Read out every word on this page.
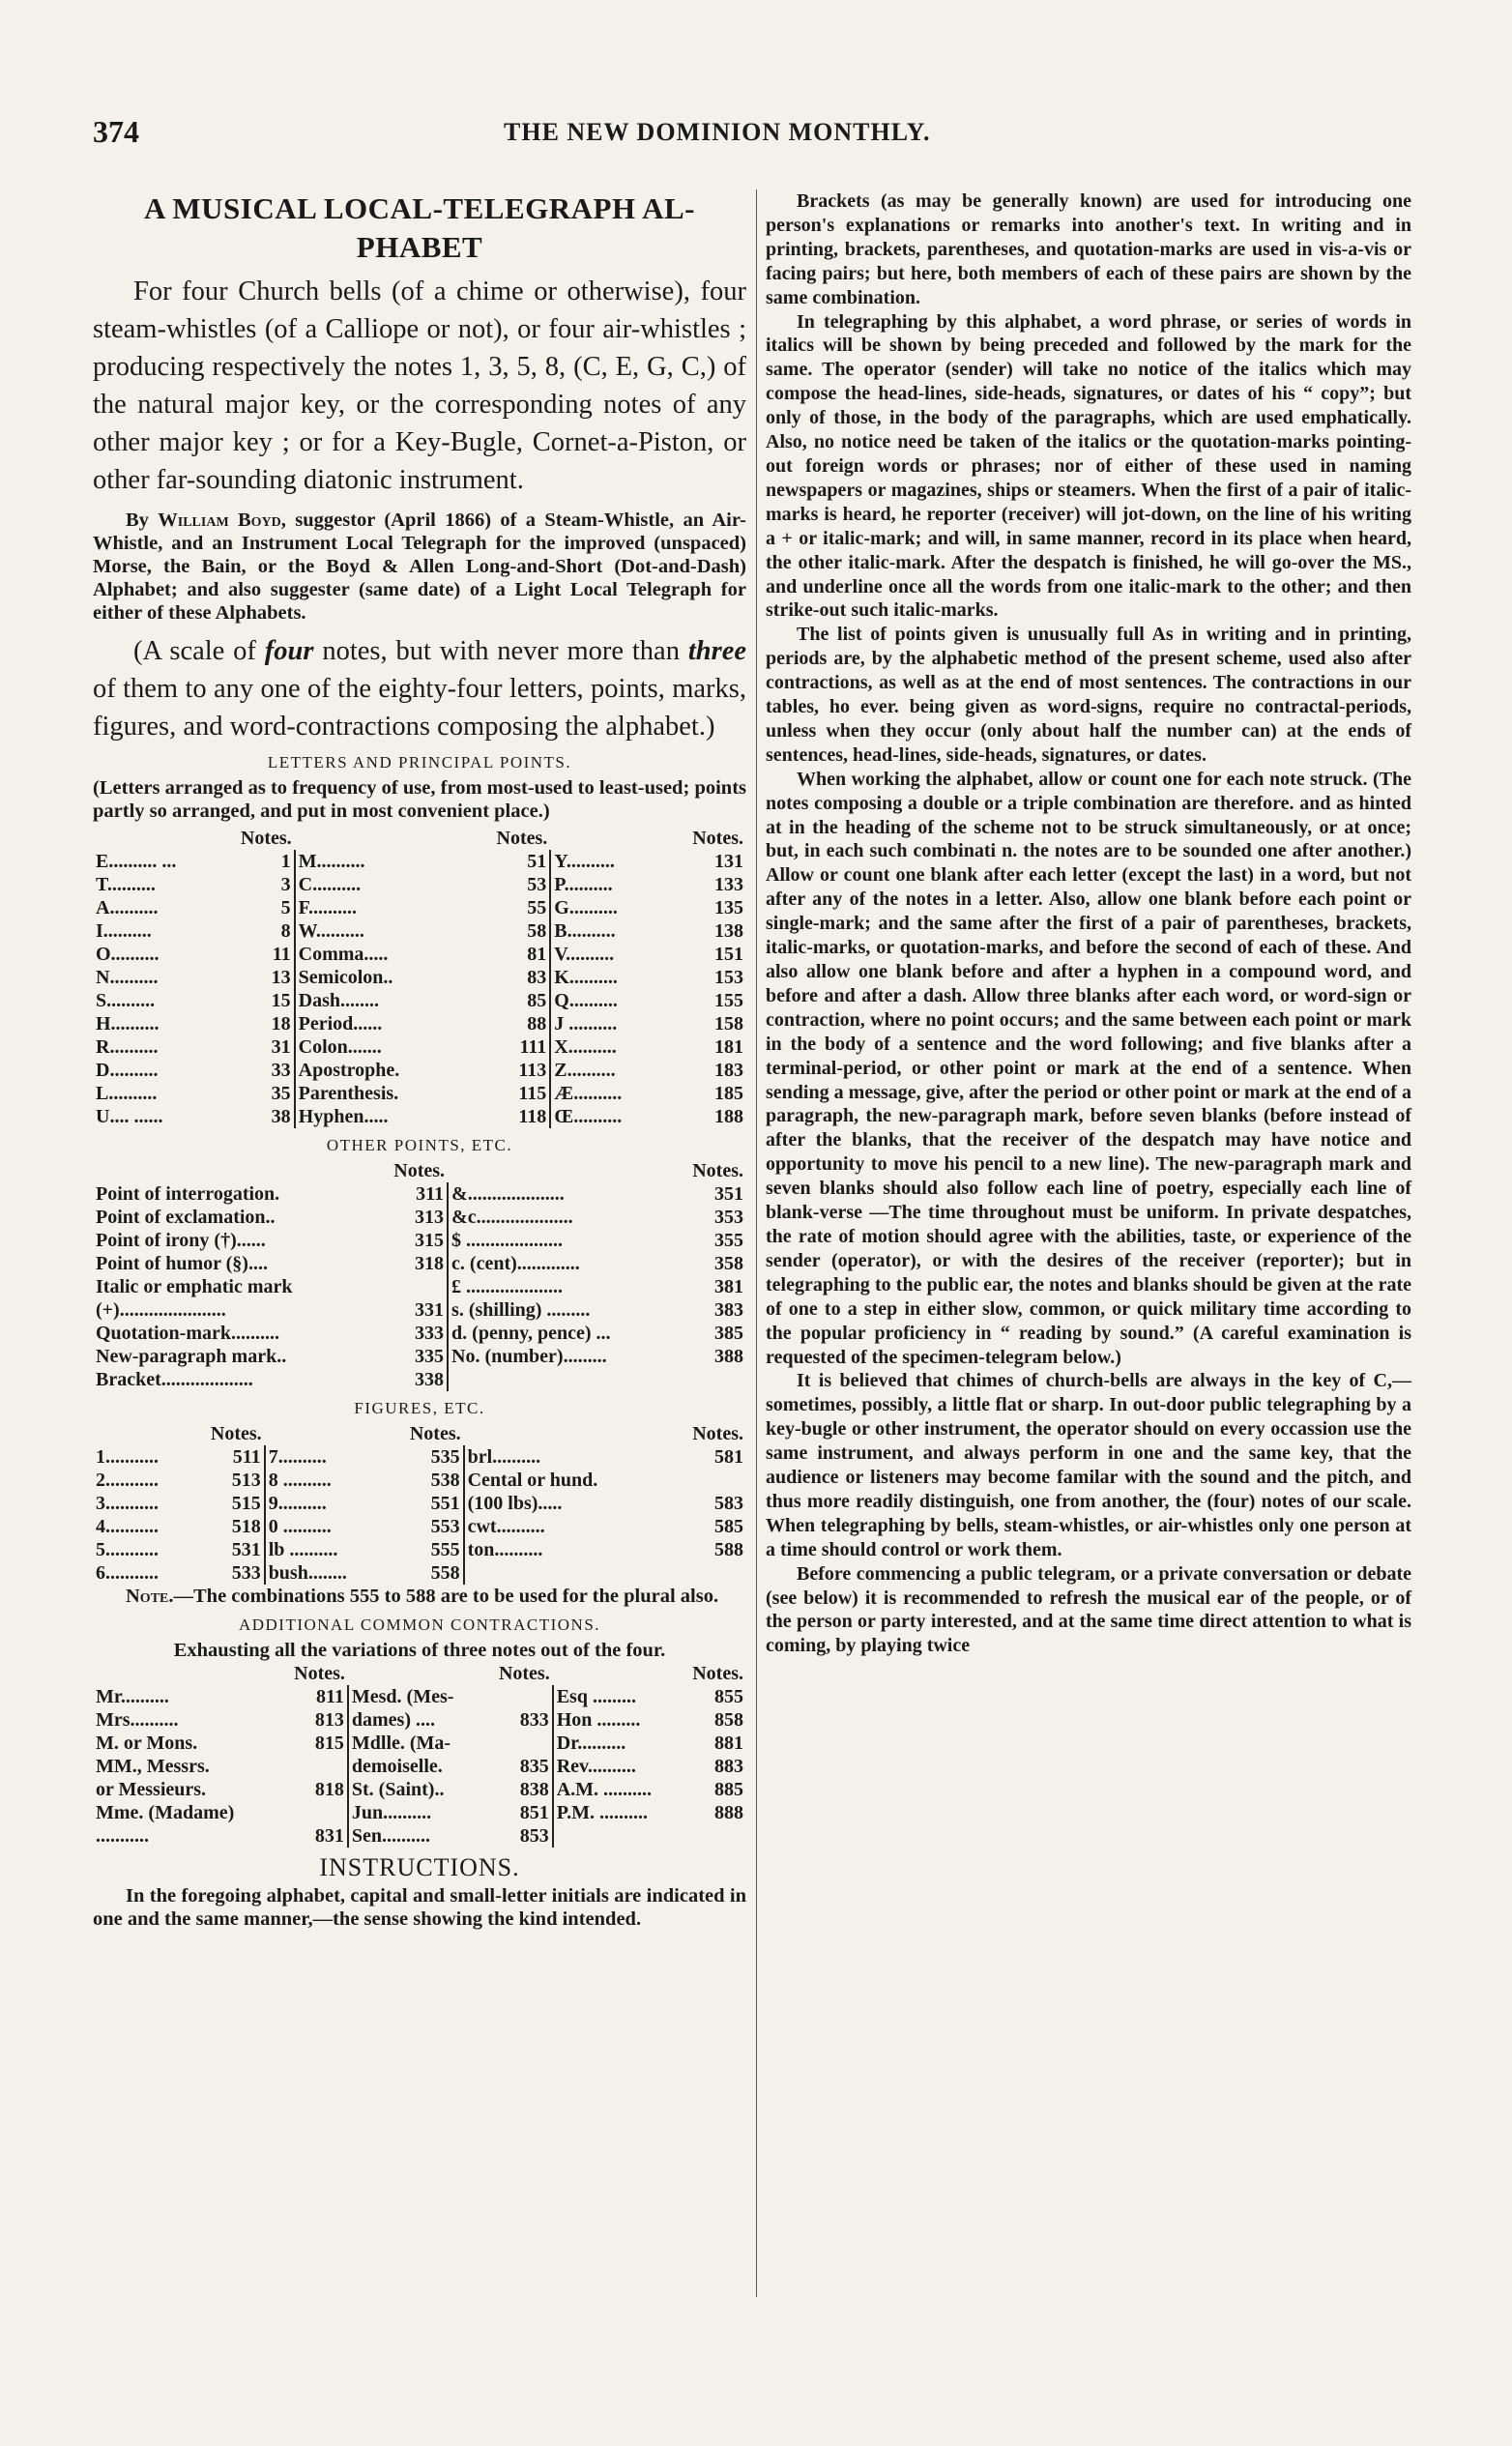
374	THE NEW DOMINION MONTHLY.
A MUSICAL LOCAL-TELEGRAPH AL-
PHABET

For four Church bells (of a chime or otherwise), four steam-whistles (of a Calliope or not), or four air-whistles ; producing respectively the notes 1, 3, 5, 8, (C, E, G, C,) of the natural major key, or the corresponding notes of any other major key ; or for a Key-Bugle, Cornet-a-Piston, or other far-sounding diatonic instrument.

By William Boyd, suggestor (April 1866) of a Steam-Whistle, an Air-Whistle, and an Instrument Local Telegraph for the improved (unspaced) Morse, the Bain, or the Boyd & Allen Long-and-Short (Dot-and-Dash) Alphabet; and also suggester (same date) of a Light Local Telegraph for either of these Alphabets.

(A scale of four notes, but with never more than three of them to any one of the eighty-four letters, points, marks, figures, and word-contractions composing the alphabet.)

LETTERS AND PRINCIPAL POINTS.

(Letters arranged as to frequency of use, from most-used to least-used; points partly so arranged, and put in most convenient place.)

Notes.		Notes.		Notes.	
E.......... ...	1	M..........	51	Y..........	131
T..........	3	C..........	53	P..........	133
A..........	5	F..........	55	G..........	135
I..........	8	W..........	58	B..........	138
O..........	11	Comma.....	81	V..........	151
N..........	13	Semicolon..	83	K..........	153
S..........	15	Dash........	85	Q..........	155
H..........	18	Period......	88	J ..........	158
R..........	31	Colon.......	111	X..........	181
D..........	33	Apostrophe.	113	Z..........	183
L..........	35	Parenthesis.	115	Æ..........	185
U.... ......	38	Hyphen.....	118	Œ..........	188
OTHER POINTS, ETC.
Notes.		Notes.	
Point of interrogation.	311	&....................	351
Point of exclamation..	313	&c....................	353
Point of irony (†)......	315	$ ....................	355
Point of humor (§)....	318	c. (cent).............	358
Italic or emphatic mark		£ ....................	381
(+)......................	331	s. (shilling) .........	383
Quotation-mark..........	333	d. (penny, pence) ...	385
New-paragraph mark..	335	No. (number).........	388
Bracket...................	338		
FIGURES, ETC.
Notes.		Notes.		Notes.	
1...........	511	7..........	535	brl..........	581
2...........	513	8 ..........	538	Cental or hund.	
3...........	515	9..........	551	(100 lbs).....	583
4...........	518	0 ..........	553	cwt..........	585
5...........	531	lb ..........	555	ton..........	588
6...........	533	bush........	558		

Note.—The combinations 555 to 588 are to be used for the plural also.

ADDITIONAL COMMON CONTRACTIONS.

Exhausting all the variations of three notes out of the four.

Notes.		Notes.		Notes.	
Mr..........	811	Mesd. (Mes-		Esq .........	855
Mrs..........	813	dames) ....	833	Hon .........	858
M. or Mons.	815	Mdlle. (Ma-		Dr..........	881
MM., Messrs.		demoiselle.	835	Rev..........	883
or Messieurs.	818	St. (Saint)..	838	A.M. ..........	885
Mme. (Madame)		Jun..........	851	P.M. ..........	888
...........	831	Sen..........	853		
INSTRUCTIONS.

In the foregoing alphabet, capital and small-letter initials are indicated in one and the same manner,—the sense showing the kind intended.

Brackets (as may be generally known) are used for introducing one person's explanations or remarks into another's text. In writing and in printing, brackets, parentheses, and quotation-marks are used in vis-a-vis or facing pairs; but here, both members of each of these pairs are shown by the same combination.

In telegraphing by this alphabet, a word phrase, or series of words in italics will be shown by being preceded and followed by the mark for the same. The operator (sender) will take no notice of the italics which may compose the head-lines, side-heads, signatures, or dates of his “ copy”; but only of those, in the body of the paragraphs, which are used emphatically. Also, no notice need be taken of the italics or the quotation-marks pointing-out foreign words or phrases; nor of either of these used in naming newspapers or magazines, ships or steamers. When the first of a pair of italic-marks is heard, he reporter (receiver) will jot-down, on the line of his writing a + or italic-mark; and will, in same manner, record in its place when heard, the other italic-mark. After the despatch is finished, he will go-over the MS., and underline once all the words from one italic-mark to the other; and then strike-out such italic-marks.

The list of points given is unusually full As in writing and in printing, periods are, by the alphabetic method of the present scheme, used also after contractions, as well as at the end of most sentences. The contractions in our tables, ho ever. being given as word-signs, require no contractal-periods, unless when they occur (only about half the number can) at the ends of sentences, head-lines, side-heads, signatures, or dates.

When working the alphabet, allow or count one for each note struck. (The notes composing a double or a triple combination are therefore. and as hinted at in the heading of the scheme not to be struck simultaneously, or at once; but, in each such combinati n. the notes are to be sounded one after another.) Allow or count one blank after each letter (except the last) in a word, but not after any of the notes in a letter. Also, allow one blank before each point or single-mark; and the same after the first of a pair of parentheses, brackets, italic-marks, or quotation-marks, and before the second of each of these. And also allow one blank before and after a hyphen in a compound word, and before and after a dash. Allow three blanks after each word, or word-sign or contraction, where no point occurs; and the same between each point or mark in the body of a sentence and the word following; and five blanks after a terminal-period, or other point or mark at the end of a sentence. When sending a message, give, after the period or other point or mark at the end of a paragraph, the new-paragraph mark, before seven blanks (before instead of after the blanks, that the receiver of the despatch may have notice and opportunity to move his pencil to a new line). The new-paragraph mark and seven blanks should also follow each line of poetry, especially each line of blank-verse —The time throughout must be uniform. In private despatches, the rate of motion should agree with the abilities, taste, or experience of the sender (operator), or with the desires of the receiver (reporter); but in telegraphing to the public ear, the notes and blanks should be given at the rate of one to a step in either slow, common, or quick military time according to the popular proficiency in “ reading by sound.” (A careful examination is requested of the specimen-telegram below.)

It is believed that chimes of church-bells are always in the key of C,—sometimes, possibly, a little flat or sharp. In out-door public telegraphing by a key-bugle or other instrument, the operator should on every occassion use the same instrument, and always perform in one and the same key, that the audience or listeners may become familar with the sound and the pitch, and thus more readily distinguish, one from another, the (four) notes of our scale. When telegraphing by bells, steam-whistles, or air-whistles only one person at a time should control or work them.

Before commencing a public telegram, or a private conversation or debate (see below) it is recommended to refresh the musical ear of the people, or of the person or party interested, and at the same time direct attention to what is coming, by playing twice
